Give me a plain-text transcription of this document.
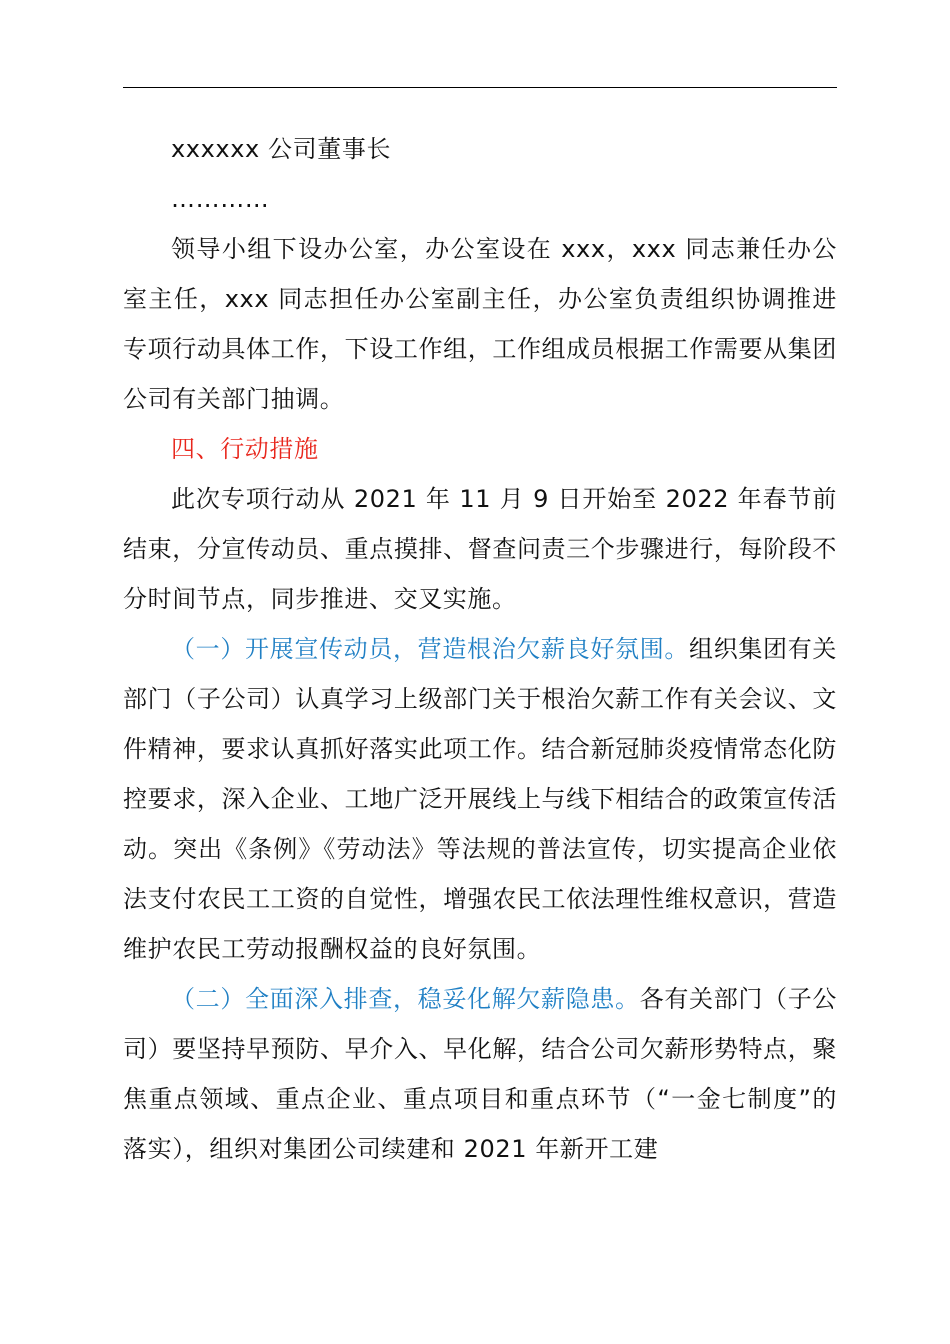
xxxxxx 公司董事长

…………

领导小组下设办公室，办公室设在 xxx，xxx 同志兼任办公室主任，xxx 同志担任办公室副主任，办公室负责组织协调推进专项行动具体工作，下设工作组，工作组成员根据工作需要从集团公司有关部门抽调。

四、行动措施

此次专项行动从 2021 年 11 月 9 日开始至 2022 年春节前结束，分宣传动员、重点摸排、督查问责三个步骤进行，每阶段不分时间节点，同步推进、交叉实施。

（一）开展宣传动员，营造根治欠薪良好氛围。组织集团有关部门（子公司）认真学习上级部门关于根治欠薪工作有关会议、文件精神，要求认真抓好落实此项工作。结合新冠肺炎疫情常态化防控要求，深入企业、工地广泛开展线上与线下相结合的政策宣传活动。突出《条例》《劳动法》等法规的普法宣传，切实提高企业依法支付农民工工资的自觉性，增强农民工依法理性维权意识，营造维护农民工劳动报酬权益的良好氛围。

（二）全面深入排查，稳妥化解欠薪隐患。各有关部门（子公司）要坚持早预防、早介入、早化解，结合公司欠薪形势特点，聚焦重点领域、重点企业、重点项目和重点环节（“一金七制度”的落实），组织对集团公司续建和 2021 年新开工建
